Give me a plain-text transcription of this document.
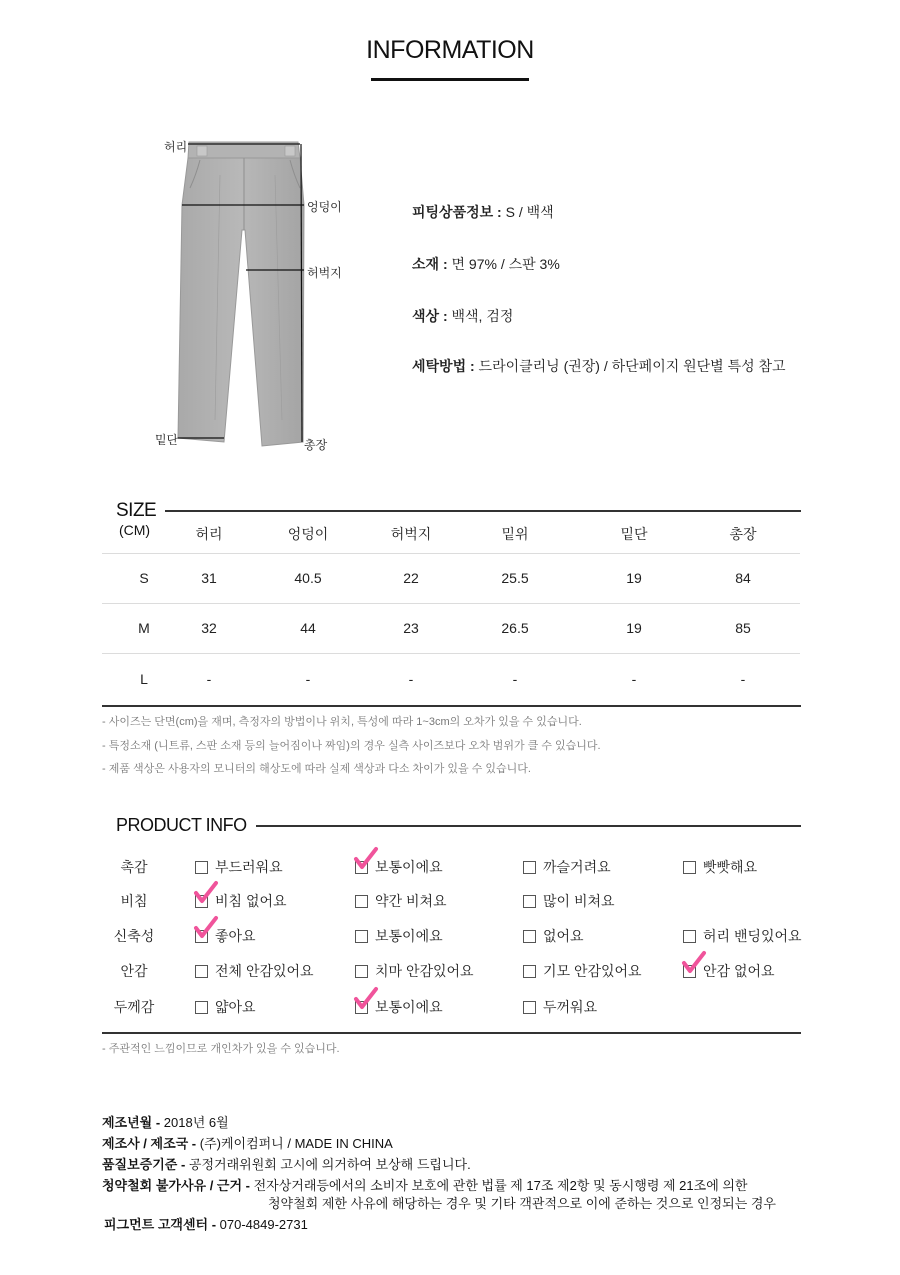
INFORMATION
허리
엉덩이
허벅지
밑단	총장
피팅상품정보 : S / 백색
소재 : 면 97% / 스판 3%
색상 : 백색, 검정
세탁방법 : 드라이클리닝 (권장) / 하단페이지 원단별 특성 참고
SIZE
(CM)	허리	엉덩이	허벅지	밑위	밑단	총장
S	31	40.5	22	25.5	19	84
M	32	44	23	26.5	19	85
L	-	-	-	-	-	-
- 사이즈는 단면(cm)을 재며, 측정자의 방법이나 위치, 특성에 따라 1~3cm의 오차가 있을 수 있습니다.
- 특정소재 (니트류, 스판 소재 등의 늘어짐이나 짜임)의 경우 실측 사이즈보다 오차 범위가 클 수 있습니다.
- 제품 색상은 사용자의 모니터의 해상도에 따라 실제 색상과 다소 차이가 있을 수 있습니다.
PRODUCT INFO
촉감	부드러워요	보통이에요	까슬거려요	빳빳해요
비침	비침 없어요	약간 비쳐요	많이 비쳐요
신축성	좋아요	보통이에요	없어요	허리 밴딩있어요
안감	전체 안감있어요	치마 안감있어요	기모 안감있어요	안감 없어요
두께감	얇아요	보통이에요	두꺼워요
- 주관적인 느낌이므로 개인차가 있을 수 있습니다.
제조년월 - 2018년 6월
제조사 / 제조국 - (주)케이컴퍼니 / MADE IN CHINA
품질보증기준 - 공정거래위원회 고시에 의거하여 보상해 드립니다.
청약철회 불가사유 / 근거 - 전자상거래등에서의 소비자 보호에 관한 법률 제 17조 제2항 및 동시행령 제 21조에 의한
청약철회 제한 사유에 해당하는 경우 및 기타 객관적으로 이에 준하는 것으로 인정되는 경우
피그먼트 고객센터 - 070-4849-2731
